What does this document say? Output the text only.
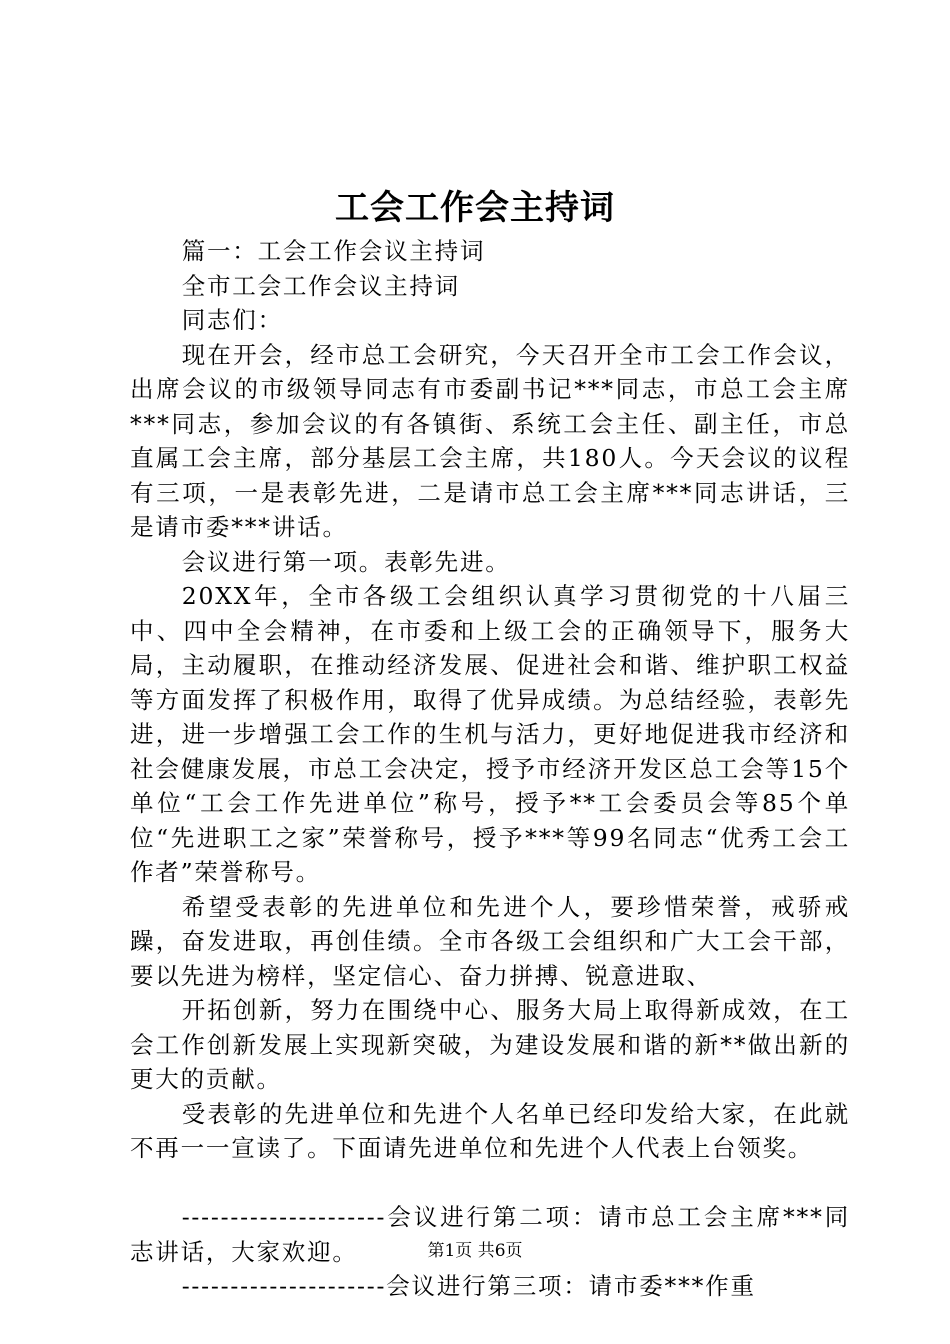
工会工作会主持词

篇一：工会工作会议主持词

全市工会工作会议主持词

同志们：

现在开会，经市总工会研究，今天召开全市工会工作会议，出席会议的市级领导同志有市委副书记***同志，市总工会主席***同志，参加会议的有各镇街、系统工会主任、副主任，市总直属工会主席，部分基层工会主席，共180人。今天会议的议程有三项，一是表彰先进，二是请市总工会主席***同志讲话，三是请市委***讲话。

会议进行第一项。表彰先进。

20XX年，全市各级工会组织认真学习贯彻党的十八届三中、四中全会精神，在市委和上级工会的正确领导下，服务大局，主动履职，在推动经济发展、促进社会和谐、维护职工权益等方面发挥了积极作用，取得了优异成绩。为总结经验，表彰先进，进一步增强工会工作的生机与活力，更好地促进我市经济和社会健康发展，市总工会决定，授予市经济开发区总工会等15个单位“工会工作先进单位”称号，授予**工会委员会等85个单位“先进职工之家”荣誉称号，授予***等99名同志“优秀工会工作者”荣誉称号。

希望受表彰的先进单位和先进个人，要珍惜荣誉，戒骄戒躁，奋发进取，再创佳绩。全市各级工会组织和广大工会干部，要以先进为榜样，坚定信心、奋力拼搏、锐意进取、

开拓创新，努力在围绕中心、服务大局上取得新成效，在工会工作创新发展上实现新突破，为建设发展和谐的新**做出新的更大的贡献。

受表彰的先进单位和先进个人名单已经印发给大家，在此就不再一一宣读了。下面请先进单位和先进个人代表上台领奖。

---------------------会议进行第二项：请市总工会主席***同志讲话，大家欢迎。

---------------------会议进行第三项：请市委***作重

第1页 共6页
